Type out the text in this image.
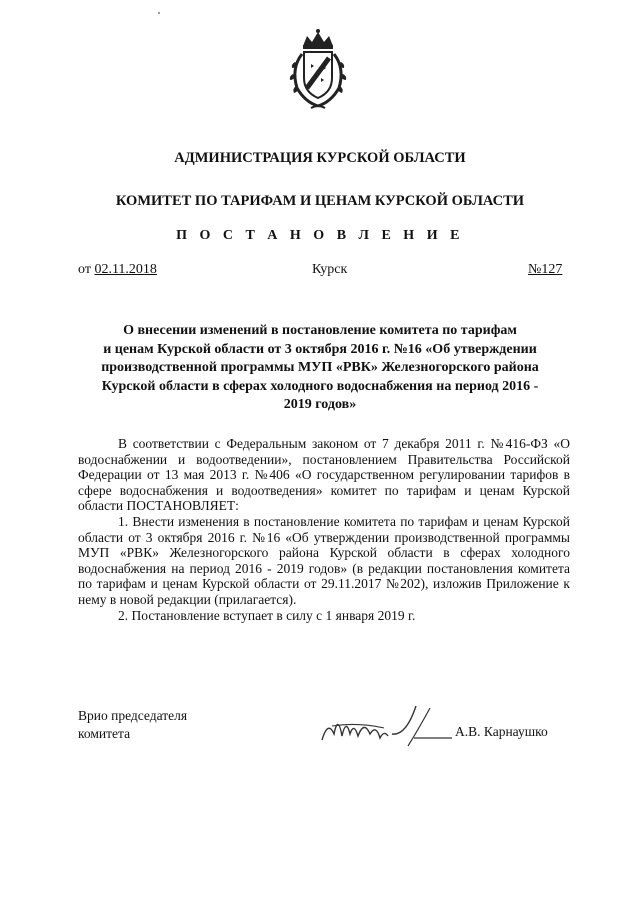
АДМИНИСТРАЦИЯ КУРСКОЙ ОБЛАСТИ
КОМИТЕТ ПО ТАРИФАМ И ЦЕНАМ КУРСКОЙ ОБЛАСТИ
П О С Т А Н О В Л Е Н И Е
от 02.11.2018	Курск	№127
О внесении изменений в постановление комитета по тарифам
и ценам Курской области от 3 октября 2016 г. №16 «Об утверждении
производственной программы МУП «РВК» Железногорского района
Курской области в сферах холодного водоснабжения на период 2016 -
2019 годов»

В соответствии с Федеральным законом от 7 декабря 2011 г. №416-ФЗ «О водоснабжении и водоотведении», постановлением Правительства Российской Федерации от 13 мая 2013 г. №406 «О государственном регулировании тарифов в сфере водоснабжения и водоотведения» комитет по тарифам и ценам Курской области ПОСТАНОВЛЯЕТ:

1. Внести изменения в постановление комитета по тарифам и ценам Курской области от 3 октября 2016 г. №16 «Об утверждении производственной программы МУП «РВК» Железногорского района Курской области в сферах холодного водоснабжения на период 2016 - 2019 годов» (в редакции постановления комитета по тарифам и ценам Курской области от 29.11.2017 №202), изложив Приложение к нему в новой редакции (прилагается).

2. Постановление вступает в силу с 1 января 2019 г.

Врио председателя
комитета	А.В. Карнаушко
